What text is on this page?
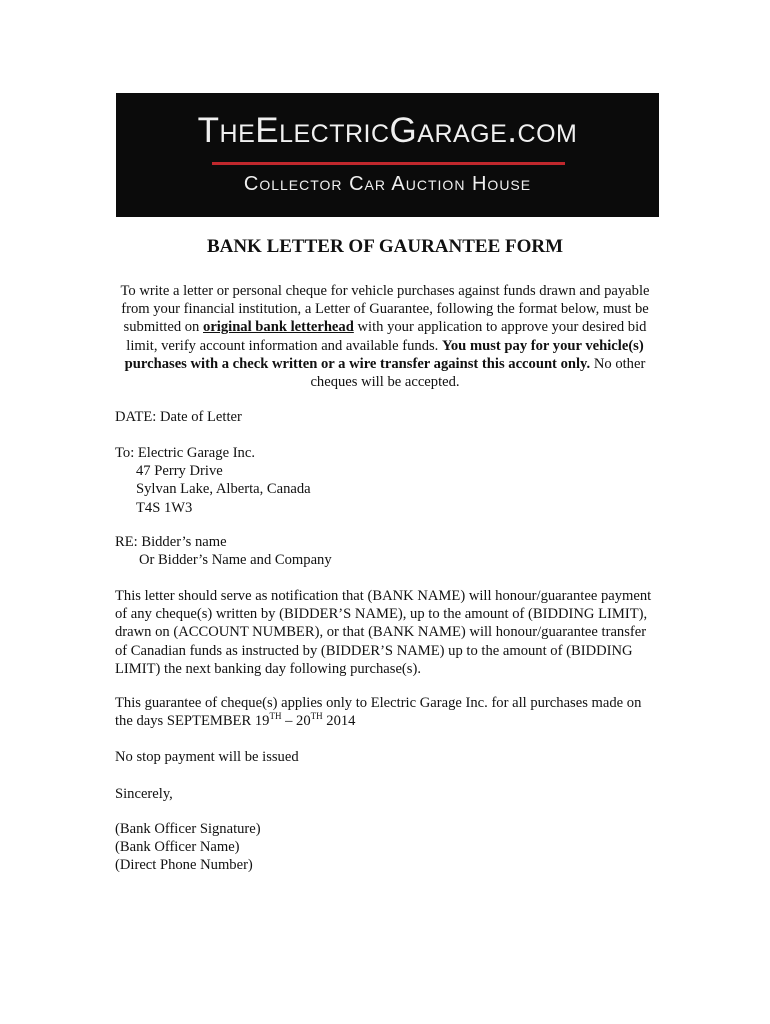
TheElectricGarage.com
Collector Car Auction House
BANK LETTER OF GAURANTEE FORM

To write a letter or personal cheque for vehicle purchases against funds drawn and payable from your financial institution, a Letter of Guarantee, following the format below, must be submitted on original bank letterhead with your application to approve your desired bid limit, verify account information and available funds. You must pay for your vehicle(s) purchases with a check written or a wire transfer against this account only. No other cheques will be accepted.

DATE: Date of Letter

To: Electric Garage Inc.
47 Perry Drive
Sylvan Lake, Alberta, Canada
T4S 1W3
RE: Bidder’s name
Or Bidder’s Name and Company

This letter should serve as notification that (BANK NAME) will honour/guarantee payment of any cheque(s) written by (BIDDER’S NAME), up to the amount of (BIDDING LIMIT), drawn on (ACCOUNT NUMBER), or that (BANK NAME) will honour/guarantee transfer of Canadian funds as instructed by (BIDDER’S NAME) up to the amount of (BIDDING LIMIT) the next banking day following purchase(s).

This guarantee of cheque(s) applies only to Electric Garage Inc. for all purchases made on the days SEPTEMBER 19TH – 20TH 2014

No stop payment will be issued

Sincerely,

(Bank Officer Signature)
(Bank Officer Name)
(Direct Phone Number)
